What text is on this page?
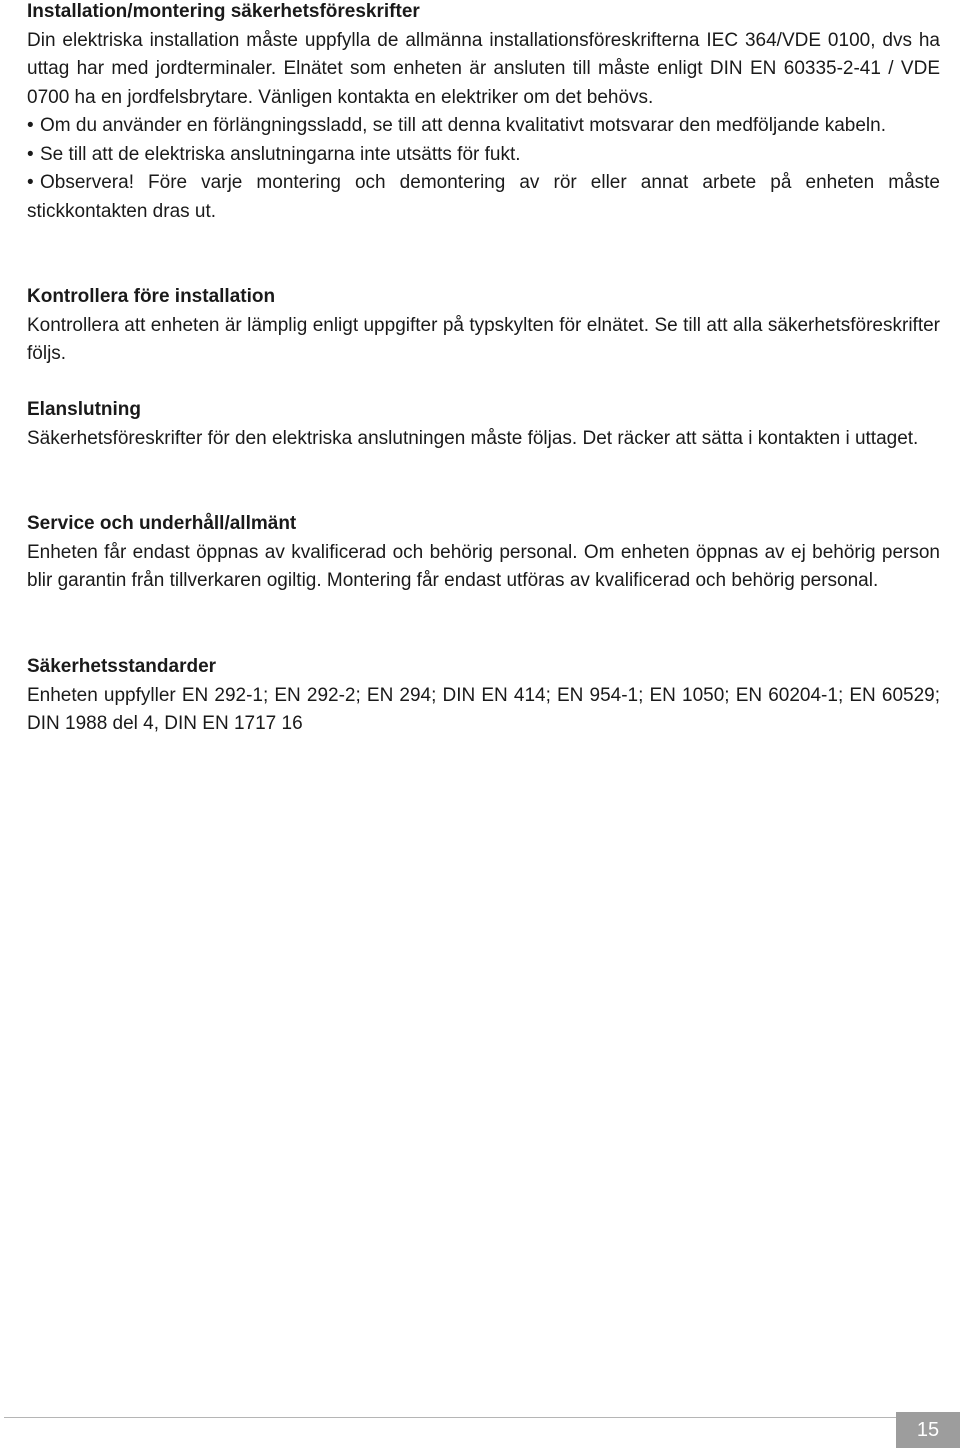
Installation/montering säkerhetsföreskrifter

Din elektriska installation måste uppfylla de allmänna installationsföreskrifterna IEC 364/VDE 0100, dvs ha uttag har med jordterminaler. Elnätet som enheten är ansluten till måste enligt DIN EN 60335-2-41 / VDE 0700 ha en jordfelsbrytare. Vänligen kontakta en elektriker om det behövs.

• Om du använder en förlängningssladd, se till att denna kvalitativt motsvarar den medföljande kabeln.

• Se till att de elektriska anslutningarna inte utsätts för fukt.

• Observera! Före varje montering och demontering av rör eller annat arbete på enheten måste stickkontakten dras ut.

Kontrollera före installation

Kontrollera att enheten är lämplig enligt uppgifter på typskylten för elnätet. Se till att alla säkerhetsföreskrifter följs.

Elanslutning

Säkerhetsföreskrifter för den elektriska anslutningen måste följas. Det räcker att sätta i kontakten i uttaget.

Service och underhåll/allmänt

Enheten får endast öppnas av kvalificerad och behörig personal. Om enheten öppnas av ej behörig person blir garantin från tillverkaren ogiltig. Montering får endast utföras av kvalificerad och behörig personal.

Säkerhetsstandarder

Enheten uppfyller EN 292-1; EN 292-2; EN 294; DIN EN 414; EN 954-1; EN 1050; EN 60204-1; EN 60529; DIN 1988 del 4, DIN EN 1717 16

15
